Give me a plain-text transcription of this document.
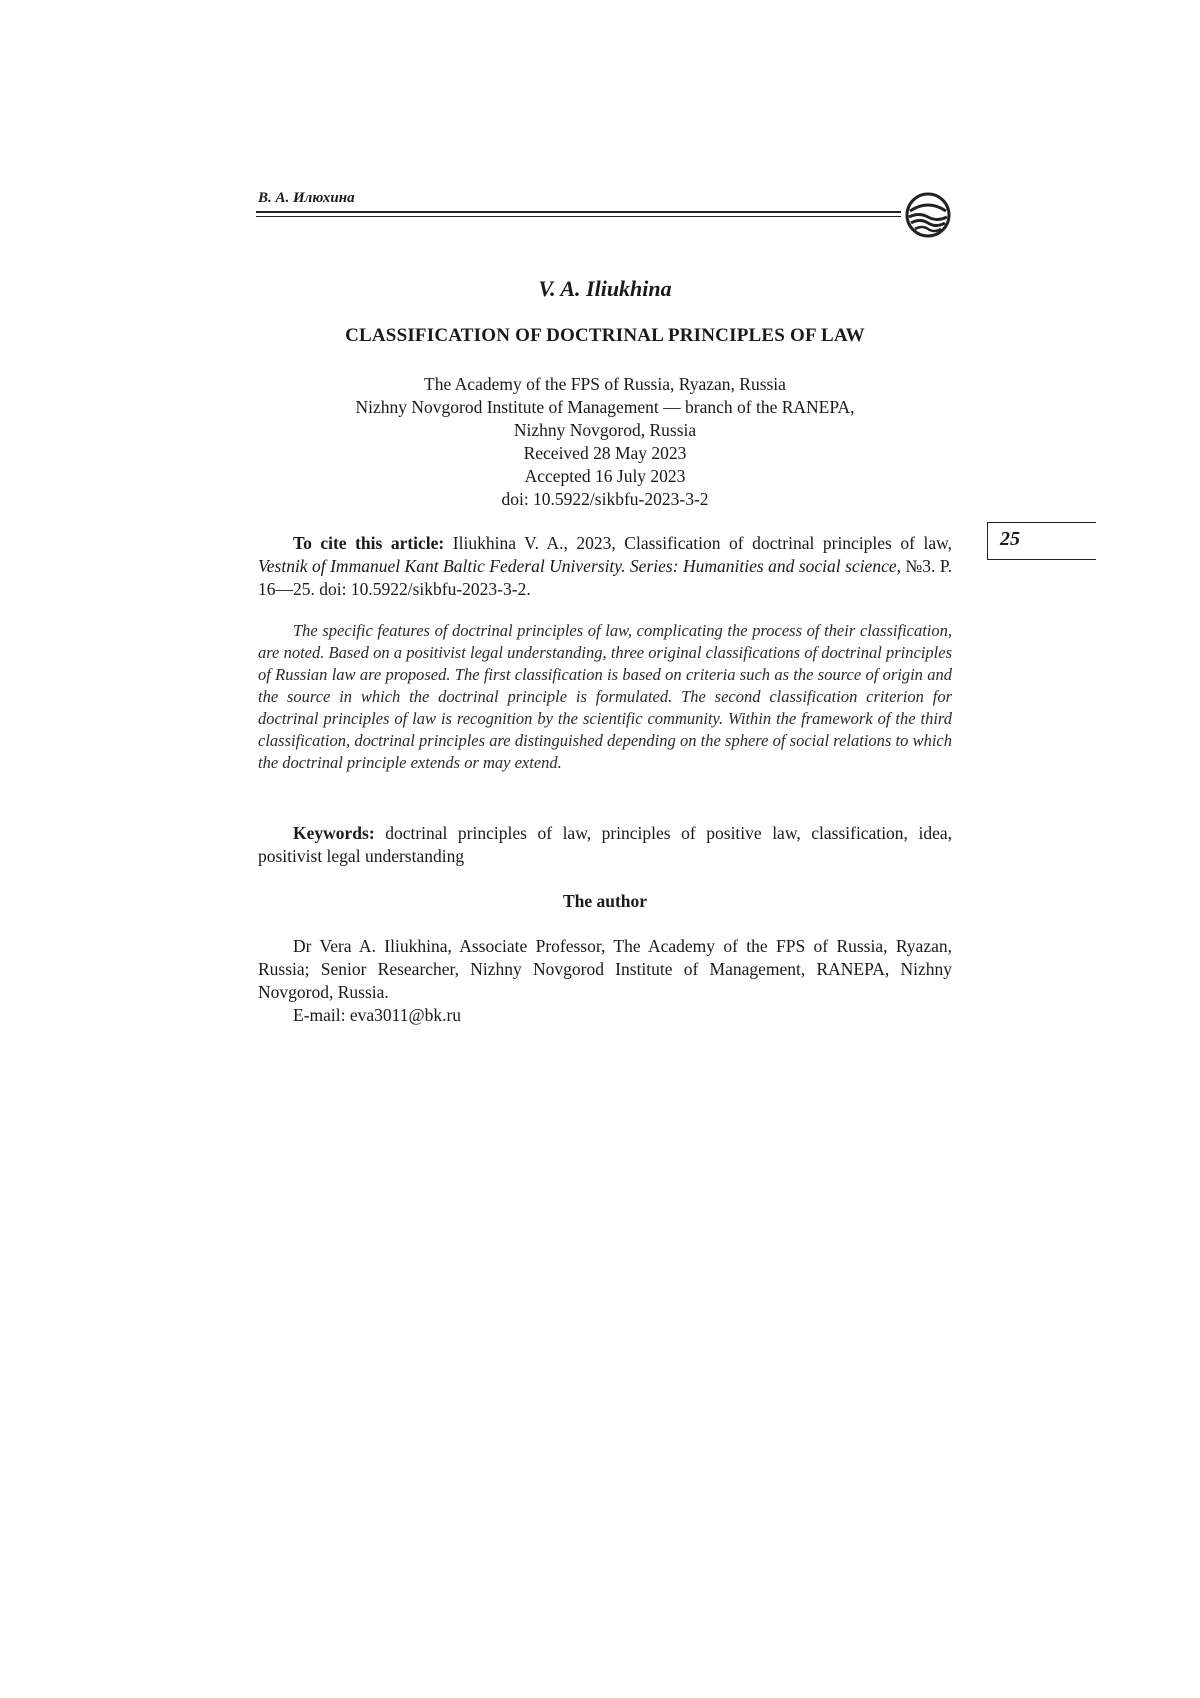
В. А. Илюхина
25
V. A. Iliukhina
CLASSIFICATION OF DOCTRINAL PRINCIPLES OF LAW
The Academy of the FPS of Russia, Ryazan, Russia
Nizhny Novgorod Institute of Management — branch of the RANEPA,
Nizhny Novgorod, Russia
Received 28 May 2023
Accepted 16 July 2023
doi: 10.5922/sikbfu-2023-3-2
To cite this article: Iliukhina V. A., 2023, Classification of doctrinal principles of law, Vestnik of Immanuel Kant Baltic Federal University. Series: Humanities and social science, №3. P. 16—25. doi: 10.5922/sikbfu-2023-3-2.
The specific features of doctrinal principles of law, complicating the process of their classification, are noted. Based on a positivist legal understanding, three original classifications of doctrinal principles of Russian law are proposed. The first classification is based on criteria such as the source of origin and the source in which the doctrinal principle is formulated. The second classification criterion for doctrinal principles of law is recognition by the scientific community. Within the framework of the third classification, doctrinal principles are distinguished depending on the sphere of social relations to which the doctrinal principle extends or may extend.
Keywords: doctrinal principles of law, principles of positive law, classification, idea, positivist legal understanding
The author
Dr Vera A. Iliukhina, Associate Professor, The Academy of the FPS of Russia, Ryazan, Russia; Senior Researcher, Nizhny Novgorod Institute of Management, RANEPA, Nizhny Novgorod, Russia.
E-mail: eva3011@bk.ru
